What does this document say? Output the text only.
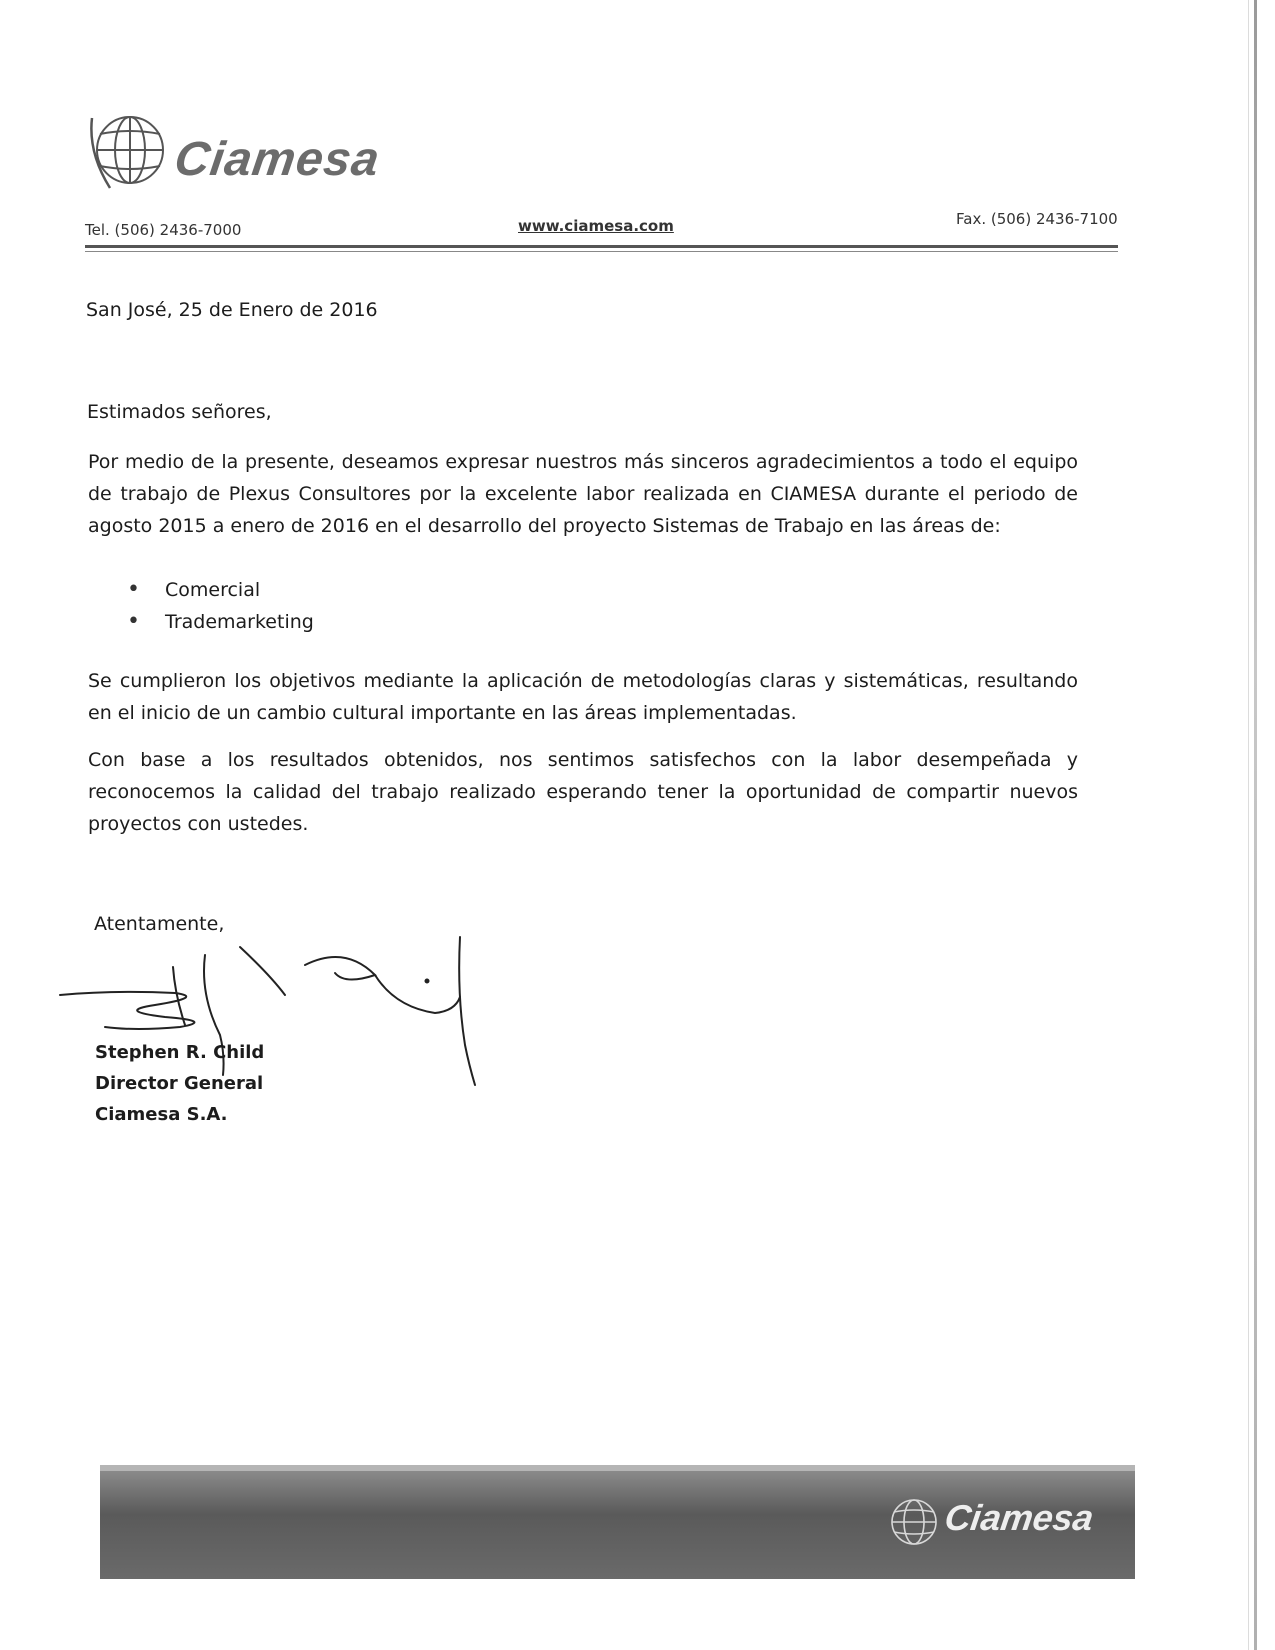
Ciamesa
Tel. (506) 2436-7000	www.ciamesa.com	Fax. (506) 2436-7100
San José, 25 de Enero de 2016
Estimados señores,
Por medio de la presente, deseamos expresar nuestros más sinceros agradecimientos a todo el equipo de trabajo de Plexus Consultores por la excelente labor realizada en CIAMESA durante el periodo de agosto 2015 a enero de 2016 en el desarrollo del proyecto Sistemas de Trabajo en las áreas de:
• Comercial
• Trademarketing
Se cumplieron los objetivos mediante la aplicación de metodologías claras y sistemáticas, resultando en el inicio de un cambio cultural importante en las áreas implementadas.
Con base a los resultados obtenidos, nos sentimos satisfechos con la labor desempeñada y reconocemos la calidad del trabajo realizado esperando tener la oportunidad de compartir nuevos proyectos con ustedes.
Atentamente,
Stephen R. Child
Director General
Ciamesa S.A.
Ciamesa
